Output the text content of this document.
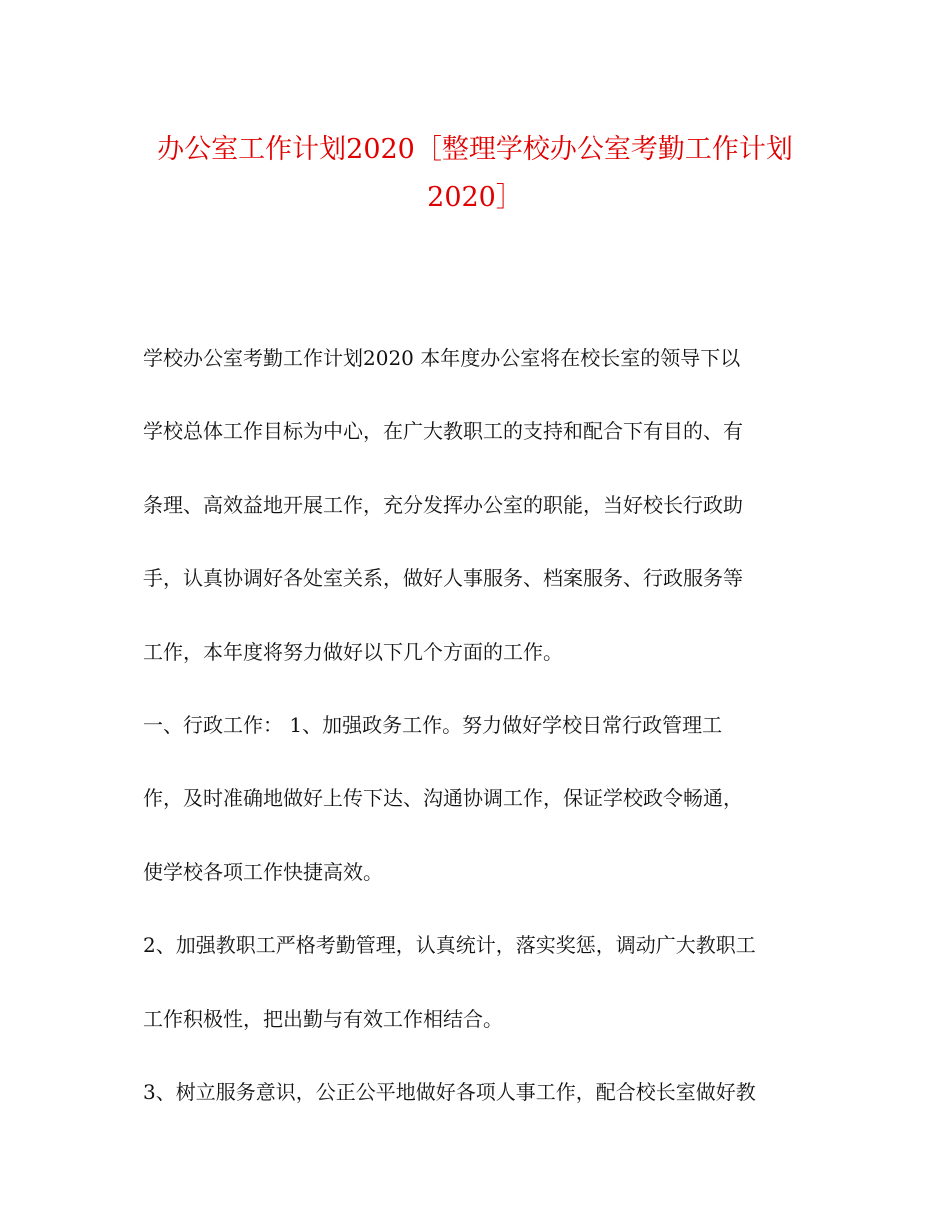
办公室工作计划2020［整理学校办公室考勤工作计划
2020］
学校办公室考勤工作计划2020 本年度办公室将在校长室的领导下以
学校总体工作目标为中心，在广大教职工的支持和配合下有目的、有
条理、高效益地开展工作，充分发挥办公室的职能，当好校长行政助
手，认真协调好各处室关系，做好人事服务、档案服务、行政服务等
工作，本年度将努力做好以下几个方面的工作。
一、行政工作： 1、加强政务工作。努力做好学校日常行政管理工
作，及时准确地做好上传下达、沟通协调工作，保证学校政令畅通，
使学校各项工作快捷高效。
2、加强教职工严格考勤管理，认真统计，落实奖惩，调动广大教职工
工作积极性，把出勤与有效工作相结合。
3、树立服务意识，公正公平地做好各项人事工作，配合校长室做好教
